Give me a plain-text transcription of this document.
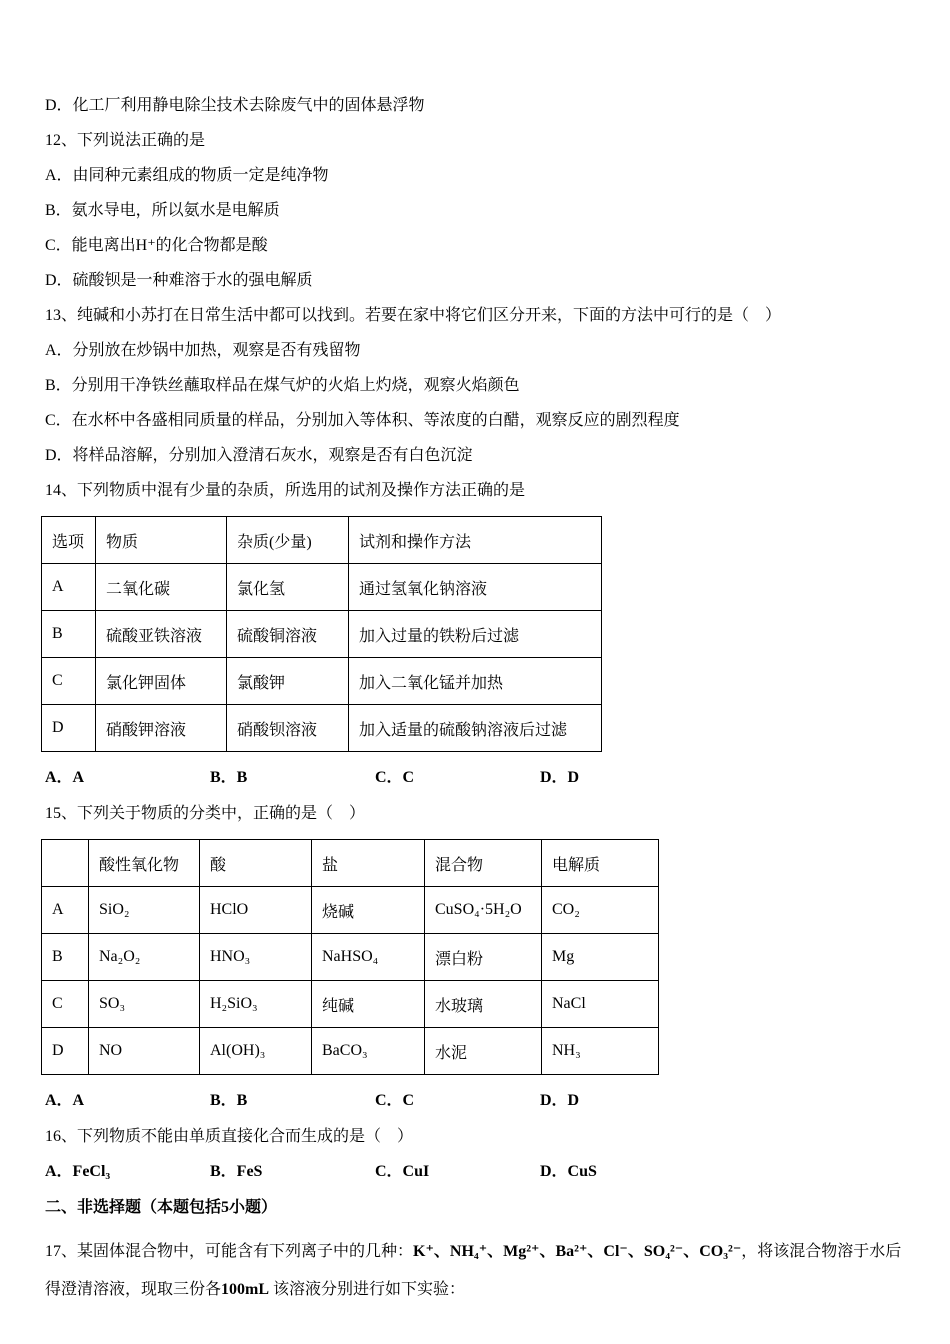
D．化工厂利用静电除尘技术去除废气中的固体悬浮物

12、下列说法正确的是

A．由同种元素组成的物质一定是纯净物

B．氨水导电，所以氨水是电解质

C．能电离出H⁺的化合物都是酸

D．硫酸钡是一种难溶于水的强电解质

13、纯碱和小苏打在日常生活中都可以找到。若要在家中将它们区分开来，下面的方法中可行的是（　）

A．分别放在炒锅中加热，观察是否有残留物

B．分别用干净铁丝蘸取样品在煤气炉的火焰上灼烧，观察火焰颜色

C．在水杯中各盛相同质量的样品，分别加入等体积、等浓度的白醋，观察反应的剧烈程度

D．将样品溶解，分别加入澄清石灰水，观察是否有白色沉淀

14、下列物质中混有少量的杂质，所选用的试剂及操作方法正确的是

选项	物质	杂质(少量)	试剂和操作方法
A	二氧化碳	氯化氢	通过氢氧化钠溶液
B	硫酸亚铁溶液	硫酸铜溶液	加入过量的铁粉后过滤
C	氯化钾固体	氯酸钾	加入二氧化锰并加热
D	硝酸钾溶液	硝酸钡溶液	加入适量的硫酸钠溶液后过滤
A．A	B．B	C．C	D．D

15、下列关于物质的分类中，正确的是（　）

	酸性氧化物	酸	盐	混合物	电解质
A	SiO₂	HClO	烧碱	CuSO₄·5H₂O	CO₂
B	Na₂O₂	HNO₃	NaHSO₄	漂白粉	Mg
C	SO₃	H₂SiO₃	纯碱	水玻璃	NaCl
D	NO	Al(OH)₃	BaCO₃	水泥	NH₃
A．A	B．B	C．C	D．D

16、下列物质不能由单质直接化合而生成的是（　）

A．FeCl₃	B．FeS	C．CuI	D．CuS

二、非选择题（本题包括5小题）

17、某固体混合物中，可能含有下列离子中的几种：K⁺、NH₄⁺、Mg²⁺、Ba²⁺、Cl⁻、SO₄²⁻、CO₃²⁻，将该混合物溶于水后得澄清溶液，现取三份各100mL 该溶液分别进行如下实验：
